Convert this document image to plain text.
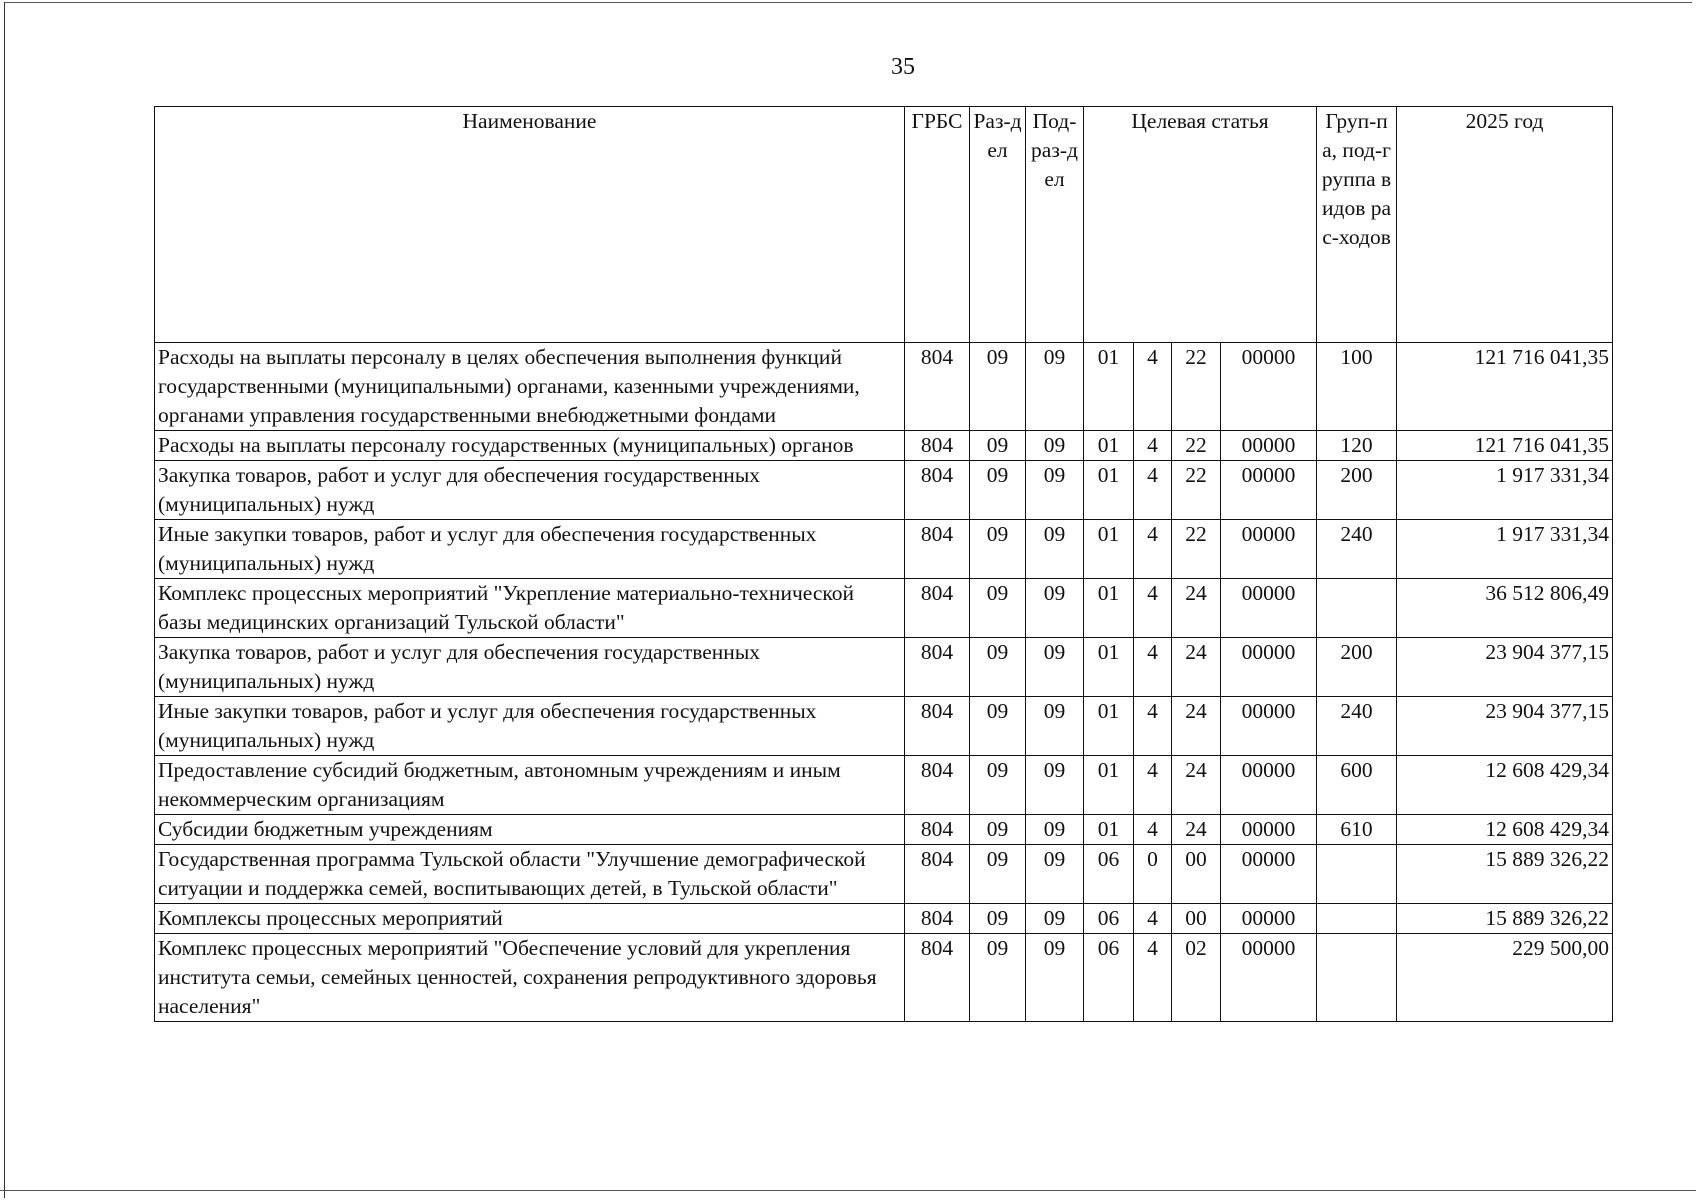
35
Наименование	ГРБС	Раз-дел	Под-раз-дел	Целевая статья				Груп-па, под-группа видов рас-ходов	2025 год
Расходы на выплаты персоналу в целях обеспечения выполнения функций государственными (муниципальными) органами, казенными учреждениями, органами управления государственными внебюджетными фондами	804	09	09	01	4	22	00000	100	121 716 041,35
Расходы на выплаты персоналу государственных (муниципальных) органов	804	09	09	01	4	22	00000	120	121 716 041,35
Закупка товаров, работ и услуг для обеспечения государственных (муниципальных) нужд	804	09	09	01	4	22	00000	200	1 917 331,34
Иные закупки товаров, работ и услуг для обеспечения государственных (муниципальных) нужд	804	09	09	01	4	22	00000	240	1 917 331,34
Комплекс процессных мероприятий "Укрепление материально-технической базы медицинских организаций Тульской области"	804	09	09	01	4	24	00000		36 512 806,49
Закупка товаров, работ и услуг для обеспечения государственных (муниципальных) нужд	804	09	09	01	4	24	00000	200	23 904 377,15
Иные закупки товаров, работ и услуг для обеспечения государственных (муниципальных) нужд	804	09	09	01	4	24	00000	240	23 904 377,15
Предоставление субсидий бюджетным, автономным учреждениям и иным некоммерческим организациям	804	09	09	01	4	24	00000	600	12 608 429,34
Субсидии бюджетным учреждениям	804	09	09	01	4	24	00000	610	12 608 429,34
Государственная программа Тульской области "Улучшение демографической ситуации и поддержка семей, воспитывающих детей, в Тульской области"	804	09	09	06	0	00	00000		15 889 326,22
Комплексы процессных мероприятий	804	09	09	06	4	00	00000		15 889 326,22
Комплекс процессных мероприятий "Обеспечение условий для укрепления института семьи, семейных ценностей, сохранения репродуктивного здоровья населения"	804	09	09	06	4	02	00000		229 500,00
